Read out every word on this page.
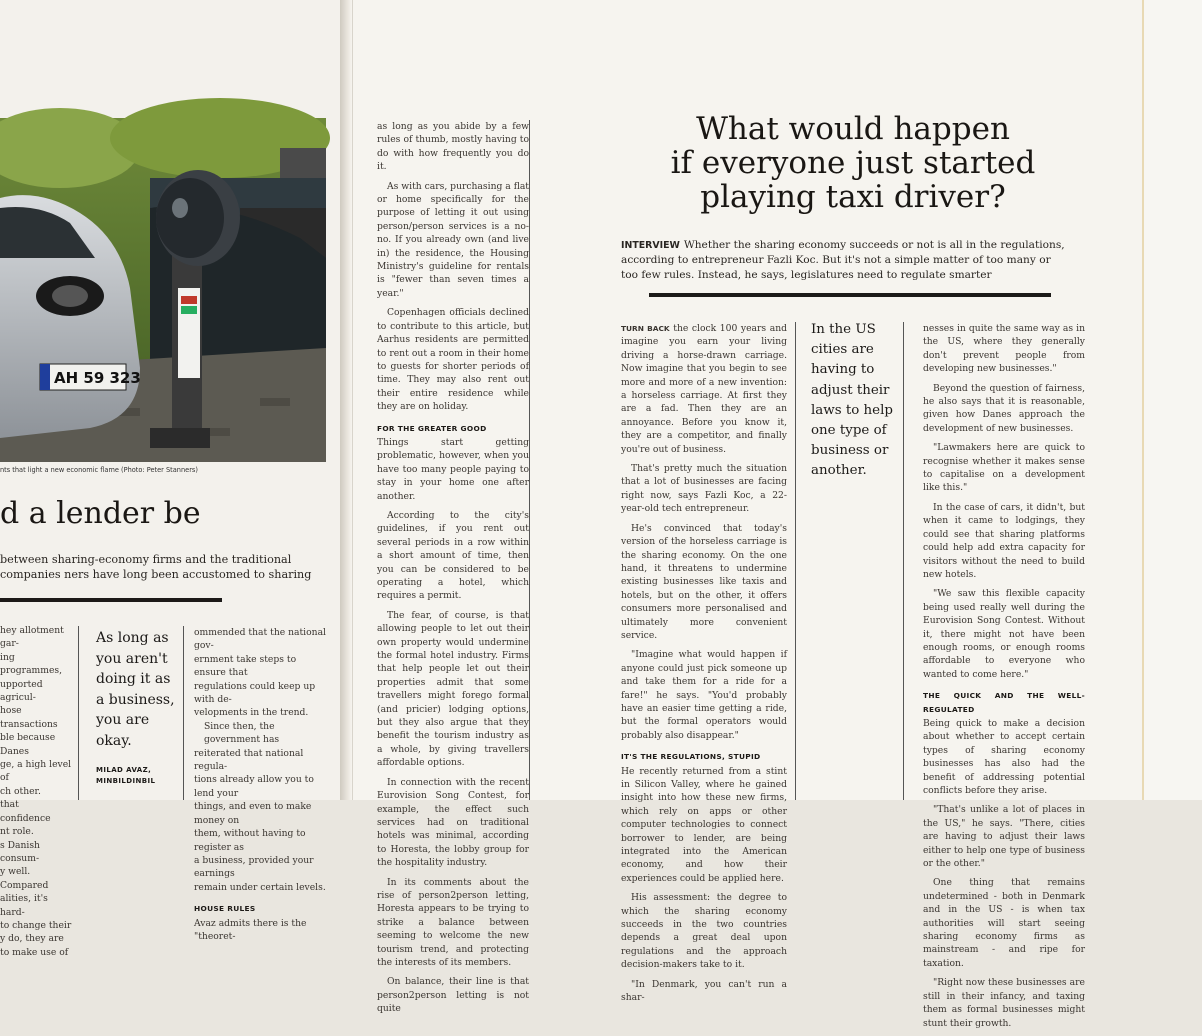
AH 59 323
nts that light a new economic flame (Photo: Peter Stanners)
d a lender be
between sharing-economy firms and the traditional companies ners have long been accustomed to sharing
hey allotment gar-
ing programmes,
upported agricul-
hose transactions
ble because Danes
ge, a high level of
ch other.
that confidence
nt role.
s Danish consum-
y well. Compared
alities, it's hard-
to change their
y do, they are
to make use of
As long as
you aren't
doing it as
a business,
you are
okay.
MILAD AVAZ,
MINBILDINBIL
ommended that the national gov-
ernment take steps to ensure that
regulations could keep up with de-
velopments in the trend.
Since then, the government has
reiterated that national regula-
tions already allow you to lend your
things, and even to make money on
them, without having to register as
a business, provided your earnings
remain under certain levels.
HOUSE RULES
Avaz admits there is the "theoret-

as long as you abide by a few rules of thumb, mostly having to do with how frequently you do it.

As with cars, purchasing a flat or home specifically for the purpose of letting it out using person/person services is a no-no. If you already own (and live in) the residence, the Housing Ministry's guideline for rentals is "fewer than seven times a year."

Copenhagen officials declined to contribute to this article, but Aarhus residents are permitted to rent out a room in their home to guests for shorter periods of time. They may also rent out their entire residence while they are on holiday.

FOR THE GREATER GOOD

Things start getting problematic, however, when you have too many people paying to stay in your home one after another.

According to the city's guidelines, if you rent out several periods in a row within a short amount of time, then you can be considered to be operating a hotel, which requires a permit.

The fear, of course, is that allowing people to let out their own property would undermine the formal hotel industry. Firms that help people let out their properties admit that some travellers might forego formal (and pricier) lodging options, but they also argue that they benefit the tourism industry as a whole, by giving travellers affordable options.

In connection with the recent Eurovision Song Contest, for example, the effect such services had on traditional hotels was minimal, according to Horesta, the lobby group for the hospitality industry.

In its comments about the rise of person2person letting, Horesta appears to be trying to strike a balance between seeming to welcome the new tourism trend, and protecting the interests of its members.

On balance, their line is that person2person letting is not quite

What would happen
if everyone just started
playing taxi driver?
INTERVIEW Whether the sharing economy succeeds or not is all in the regulations, according to entrepreneur Fazli Koc. But it's not a simple matter of too many or too few rules. Instead, he says, legislatures need to regulate smarter

TURN BACK the clock 100 years and imagine you earn your living driving a horse-drawn carriage. Now imagine that you begin to see more and more of a new invention: a horseless carriage. At first they are a fad. Then they are an annoyance. Before you know it, they are a competitor, and finally you're out of business.

That's pretty much the situation that a lot of businesses are facing right now, says Fazli Koc, a 22-year-old tech entrepreneur.

He's convinced that today's version of the horseless carriage is the sharing economy. On the one hand, it threatens to undermine existing businesses like taxis and hotels, but on the other, it offers consumers more personalised and ultimately more convenient service.

"Imagine what would happen if anyone could just pick someone up and take them for a ride for a fare!" he says. "You'd probably have an easier time getting a ride, but the formal operators would probably also disappear."

IT'S THE REGULATIONS, STUPID

He recently returned from a stint in Silicon Valley, where he gained insight into how these new firms, which rely on apps or other computer technologies to connect borrower to lender, are being integrated into the American economy, and how their experiences could be applied here.

His assessment: the degree to which the sharing economy succeeds in the two countries depends a great deal upon regulations and the approach decision-makers take to it.

"In Denmark, you can't run a shar-

In the US
cities are
having to
adjust their
laws to help
one type of
business or
another.

nesses in quite the same way as in the US, where they generally don't prevent people from developing new businesses."

Beyond the question of fairness, he also says that it is reasonable, given how Danes approach the development of new businesses.

"Lawmakers here are quick to recognise whether it makes sense to capitalise on a development like this."

In the case of cars, it didn't, but when it came to lodgings, they could see that sharing platforms could help add extra capacity for visitors without the need to build new hotels.

"We saw this flexible capacity being used really well during the Eurovision Song Contest. Without it, there might not have been enough rooms, or enough rooms affordable to everyone who wanted to come here."

THE QUICK AND THE WELL-REGULATED

Being quick to make a decision about whether to accept certain types of sharing economy businesses has also had the benefit of addressing potential conflicts before they arise.

"That's unlike a lot of places in the US," he says. "There, cities are having to adjust their laws either to help one type of business or the other."

One thing that remains undetermined - both in Denmark and in the US - is when tax authorities will start seeing sharing economy firms as mainstream - and ripe for taxation.

"Right now these businesses are still in their infancy, and taxing them as formal businesses might stunt their growth.
